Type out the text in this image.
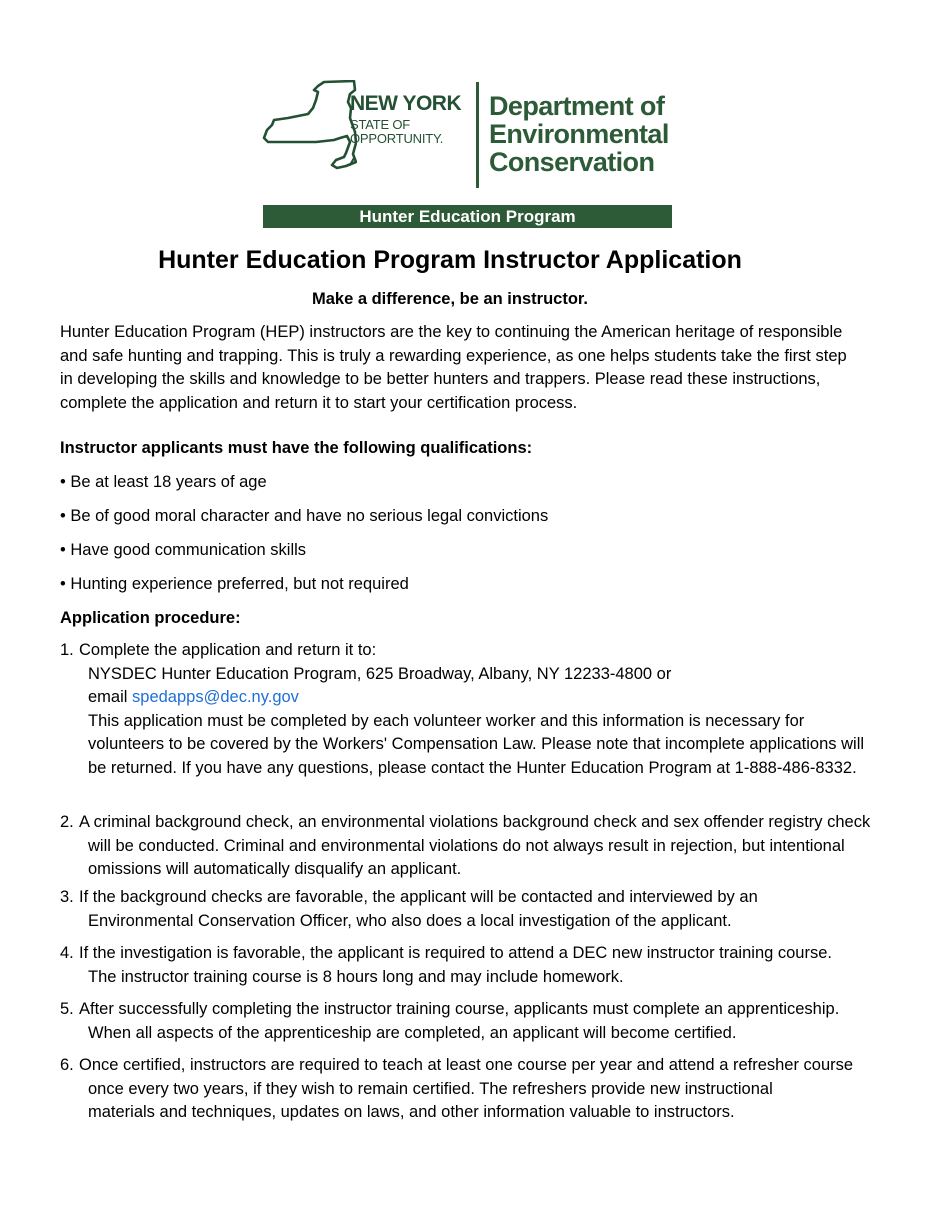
NEW YORK
STATE OF
OPPORTUNITY.
Department of
Environmental
Conservation
Hunter Education Program
Hunter Education Program Instructor Application
Make a difference, be an instructor.
Hunter Education Program (HEP) instructors are the key to continuing the American heritage of responsible and safe hunting and trapping. This is truly a rewarding experience, as one helps students take the first step in developing the skills and knowledge to be better hunters and trappers. Please read these instructions, complete the application and return it to start your certification process.
Instructor applicants must have the following qualifications:
• Be at least 18 years of age
• Be of good moral character and have no serious legal convictions
• Have good communication skills
• Hunting experience preferred, but not required
Application procedure:
1. Complete the application and return it to:
NYSDEC Hunter Education Program, 625 Broadway, Albany, NY 12233-4800 or
email spedapps@dec.ny.gov
This application must be completed by each volunteer worker and this information is necessary for volunteers to be covered by the Workers' Compensation Law. Please note that incomplete applications will be returned. If you have any questions, please contact the Hunter Education Program at 1-888-486-8332.
2. A criminal background check, an environmental violations background check and sex offender registry check
will be conducted. Criminal and environmental violations do not always result in rejection, but intentional omissions will automatically disqualify an applicant.
3. If the background checks are favorable, the applicant will be contacted and interviewed by an
Environmental Conservation Officer, who also does a local investigation of the applicant.
4. If the investigation is favorable, the applicant is required to attend a DEC new instructor training course.
The instructor training course is 8 hours long and may include homework.
5. After successfully completing the instructor training course, applicants must complete an apprenticeship.
When all aspects of the apprenticeship are completed, an applicant will become certified.
6. Once certified, instructors are required to teach at least one course per year and attend a refresher course
once every two years, if they wish to remain certified. The refreshers provide new instructional materials and techniques, updates on laws, and other information valuable to instructors.
